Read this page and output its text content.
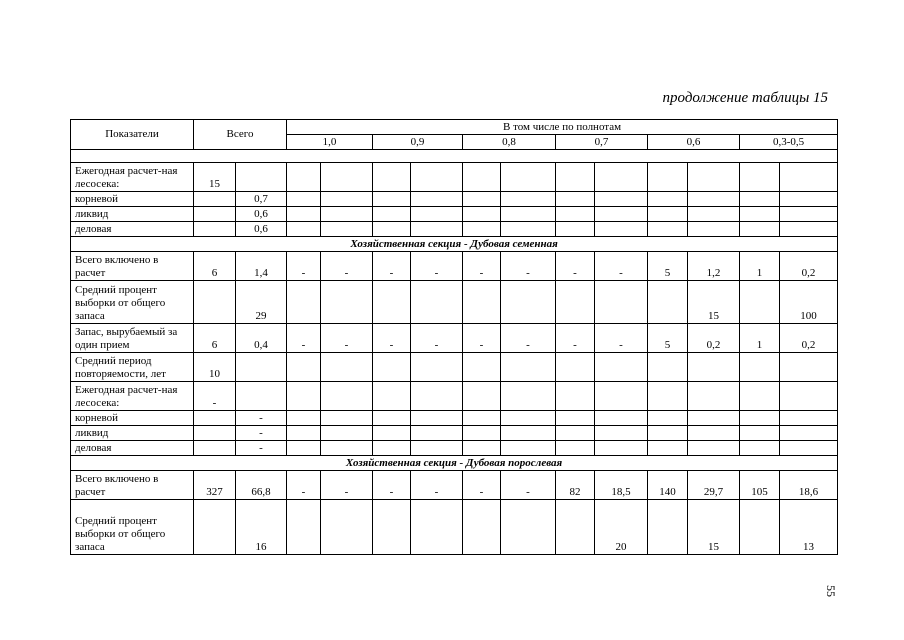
продолжение таблицы 15
Показатели	Всего		В том числе по полнотам											
			1,0		0,9		0,8		0,7		0,6		0,3-0,5	

Ежегодная расчет-ная лесосека:	15													
корневой		0,7												
ликвид		0,6												
деловая		0,6												
Хозяйственная секция - Дубовая семенная														
Всего включено в расчет	6	1,4	-	-	-	-	-	-	-	-	5	1,2	1	0,2
Средний процент выборки от общего запаса		29										15		100
Запас, вырубаемый за один прием	6	0,4	-	-	-	-	-	-	-	-	5	0,2	1	0,2
Средний период повторяемости, лет	10													
Ежегодная расчет-ная лесосека:	-													
корневой		-												
ликвид		-												
деловая		-												
Хозяйственная секция - Дубовая порослевая														
Всего включено в расчет	327	66,8	-	-	-	-	-	-	82	18,5	140	29,7	105	18,6
Средний процент выборки от общего запаса		16								20		15		13
55
